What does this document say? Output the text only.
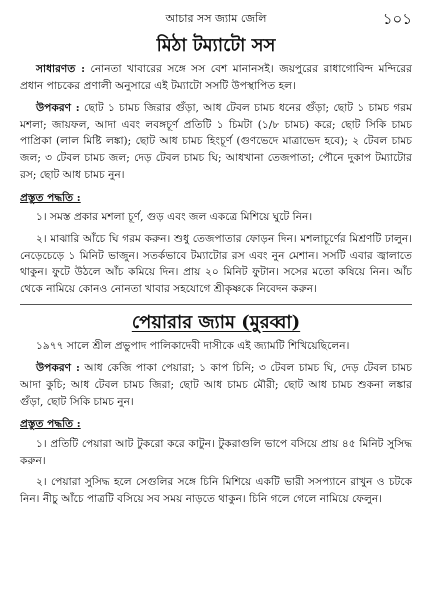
আচার সস জ্যাম জেলি	১০১
মিঠা টম্যাটো সস

সাধারণত : নোনতা খাবারের সঙ্গে সস বেশ মানানসই। জয়পুরের রাধাগোবিন্দ মন্দিরের প্রধান পাচকের প্রণালী অনুসারে এই টম্যাটো সসটি উপস্থাপিত হল।

উপকরণ : ছোট ১ চামচ জিরার গুঁড়া, আধ টেবল চামচ ধনের গুঁড়া; ছোট ১ চামচ গরম মশলা; জায়ফল, আদা এবং লবঙ্গচূর্ণ প্রতিটি ১ চিমটা (১/৮ চামচ) করে; ছোট সিকি চামচ পাপ্রিকা (লাল মিষ্টি লঙ্কা); ছোট আধ চামচ হিংচূর্ণ (গুণভেদে মাত্রাভেদ হবে); ২ টেবল চামচ জল; ৩ টেবল চামচ জল; দেড় টেবল চামচ ঘি; আধখানা তেজপাতা; পৌনে দুকাপ টম্যাটোর রস; ছোট আধ চামচ নুন।

প্রস্তুত পদ্ধতি :

১। সমস্ত প্রকার মশলা চূর্ণ, গুড় এবং জল একত্রে মিশিয়ে ঘুটে নিন।

২। মাঝারি আঁচে ঘি গরম করুন। শুধু তেজপাতার ফোড়ন দিন। মশলাচূর্ণের মিশ্রণটি ঢালুন। নেড়েচেড়ে ১ মিনিট ভাজুন। সতর্কভাবে টম্যাটোর রস এবং নুন মেশান। সসটি এবার জ্বালাতে থাকুন। ফুটে উঠলে আঁচ কমিয়ে দিন। প্রায় ২০ মিনিট ফুটান। সসের মতো কষিয়ে নিন। আঁচ থেকে নামিয়ে কোনও নোনতা খাবার সহযোগে শ্রীকৃষ্ণকে নিবেদন করুন।

পেয়ারার জ্যাম (মুরব্বা)

১৯৭৭ সালে শ্রীল প্রভুপাদ পালিকাদেবী দাসীকে এই জ্যামটি শিখিয়েছিলেন।

উপকরণ : আধ কেজি পাকা পেয়ারা; ১ কাপ চিনি; ৩ টেবল চামচ ঘি, দেড় টেবল চামচ আদা কুচি; আধ টেবল চামচ জিরা; ছোট আধ চামচ মৌরী; ছোট আধ চামচ শুকনা লঙ্কার গুঁড়া, ছোট সিকি চামচ নুন।

প্রস্তুত পদ্ধতি :

১। প্রতিটি পেয়ারা আট টুকরো করে কাটুন। টুকরাগুলি ভাপে বসিয়ে প্রায় ৪৫ মিনিট সুসিদ্ধ করুন।

২। পেয়ারা সুসিদ্ধ হলে সেগুলির সঙ্গে চিনি মিশিয়ে একটি ভারী সসপ্যানে রাখুন ও চটকে নিন। নীচু আঁচে পাত্রটি বসিয়ে সব সময় নাড়তে থাকুন। চিনি গলে গেলে নামিয়ে ফেলুন।
